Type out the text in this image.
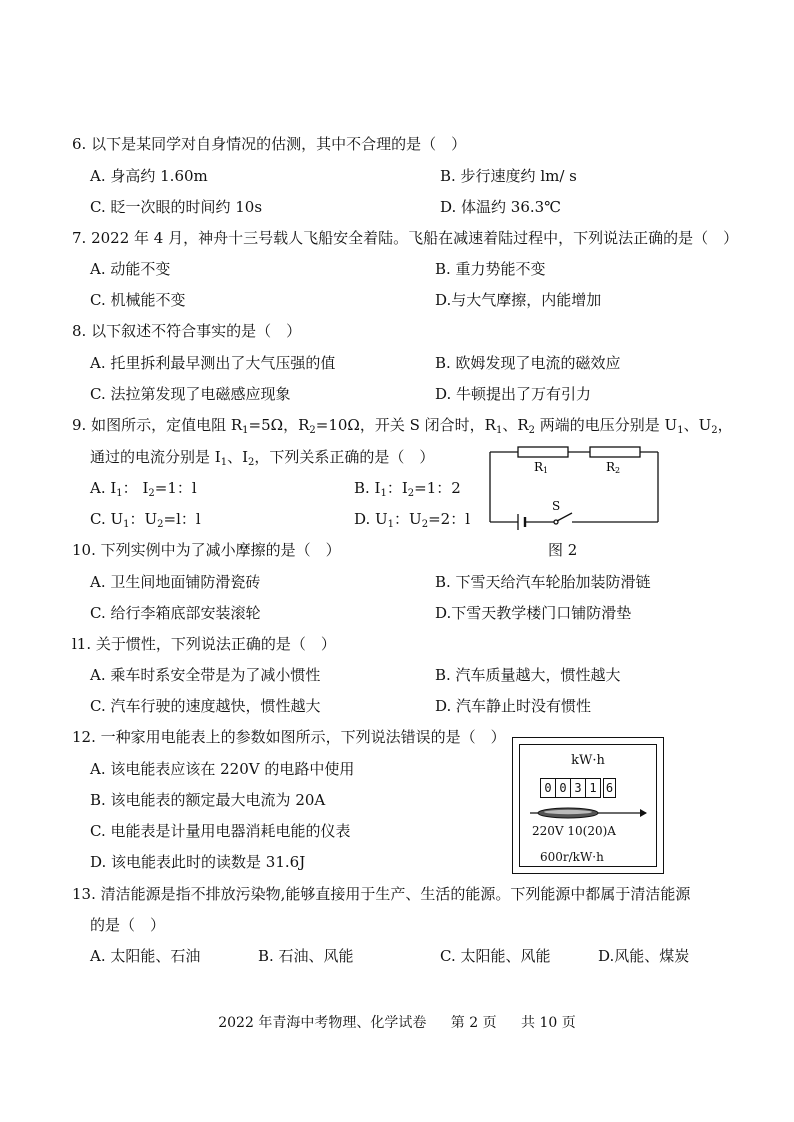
6. 以下是某同学对自身情况的估测，其中不合理的是（　）
A. 身高约 1.60m	B. 步行速度约 lm/ s
C. 眨一次眼的时间约 10s	D. 体温约 36.3℃
7. 2022 年 4 月，神舟十三号载人飞船安全着陆。飞船在减速着陆过程中，下列说法正确的是（　）
A. 动能不变	B. 重力势能不变
C. 机械能不变	D.与大气摩擦，内能增加
8. 以下叙述不符合事实的是（　）
A. 托里拆利最早测出了大气压强的值	B. 欧姆发现了电流的磁效应
C. 法拉第发现了电磁感应现象	D. 牛顿提出了万有引力
9. 如图所示，定值电阻 $R_1=5\Omega$，$R_2=10\Omega$，开关 S 闭合时，$R_1$、$R_2$ 两端的电压分别是 $U_1$、$U_2$，
通过的电流分别是 $I_1$、$I_2$，下列关系正确的是（　）
A. $I_1$： $I_2=1$：l	B. $I_1$：$I_2=1$：2
C. $U_1$：$U_2=l$：l	D. $U_1$：$U_2=2$：l
R1	R2
S
图 2
10. 下列实例中为了减小摩擦的是（　）
A. 卫生间地面铺防滑瓷砖	B. 下雪天给汽车轮胎加装防滑链
C. 给行李箱底部安装滚轮	D.下雪天教学楼门口铺防滑垫
l1. 关于惯性，下列说法正确的是（　）
A. 乘车时系安全带是为了减小惯性	B. 汽车质量越大，惯性越大
C. 汽车行驶的速度越快，惯性越大	D. 汽车静止时没有惯性
12. 一种家用电能表上的参数如图所示，下列说法错误的是（　）
A. 该电能表应该在 220V 的电路中使用
B. 该电能表的额定最大电流为 20A
C. 电能表是计量用电器消耗电能的仪表
D. 该电能表此时的读数是 31.6J
kW·h
0 0 3 1 6
220V 10(20)A
600r/kW·h
13. 清洁能源是指不排放污染物,能够直接用于生产、生活的能源。下列能源中都属于清洁能源
的是（　）
A. 太阳能、石油	B. 石油、风能	C. 太阳能、风能	D.风能、煤炭
2022 年青海中考物理、化学试卷 第 2 页 共 10 页
